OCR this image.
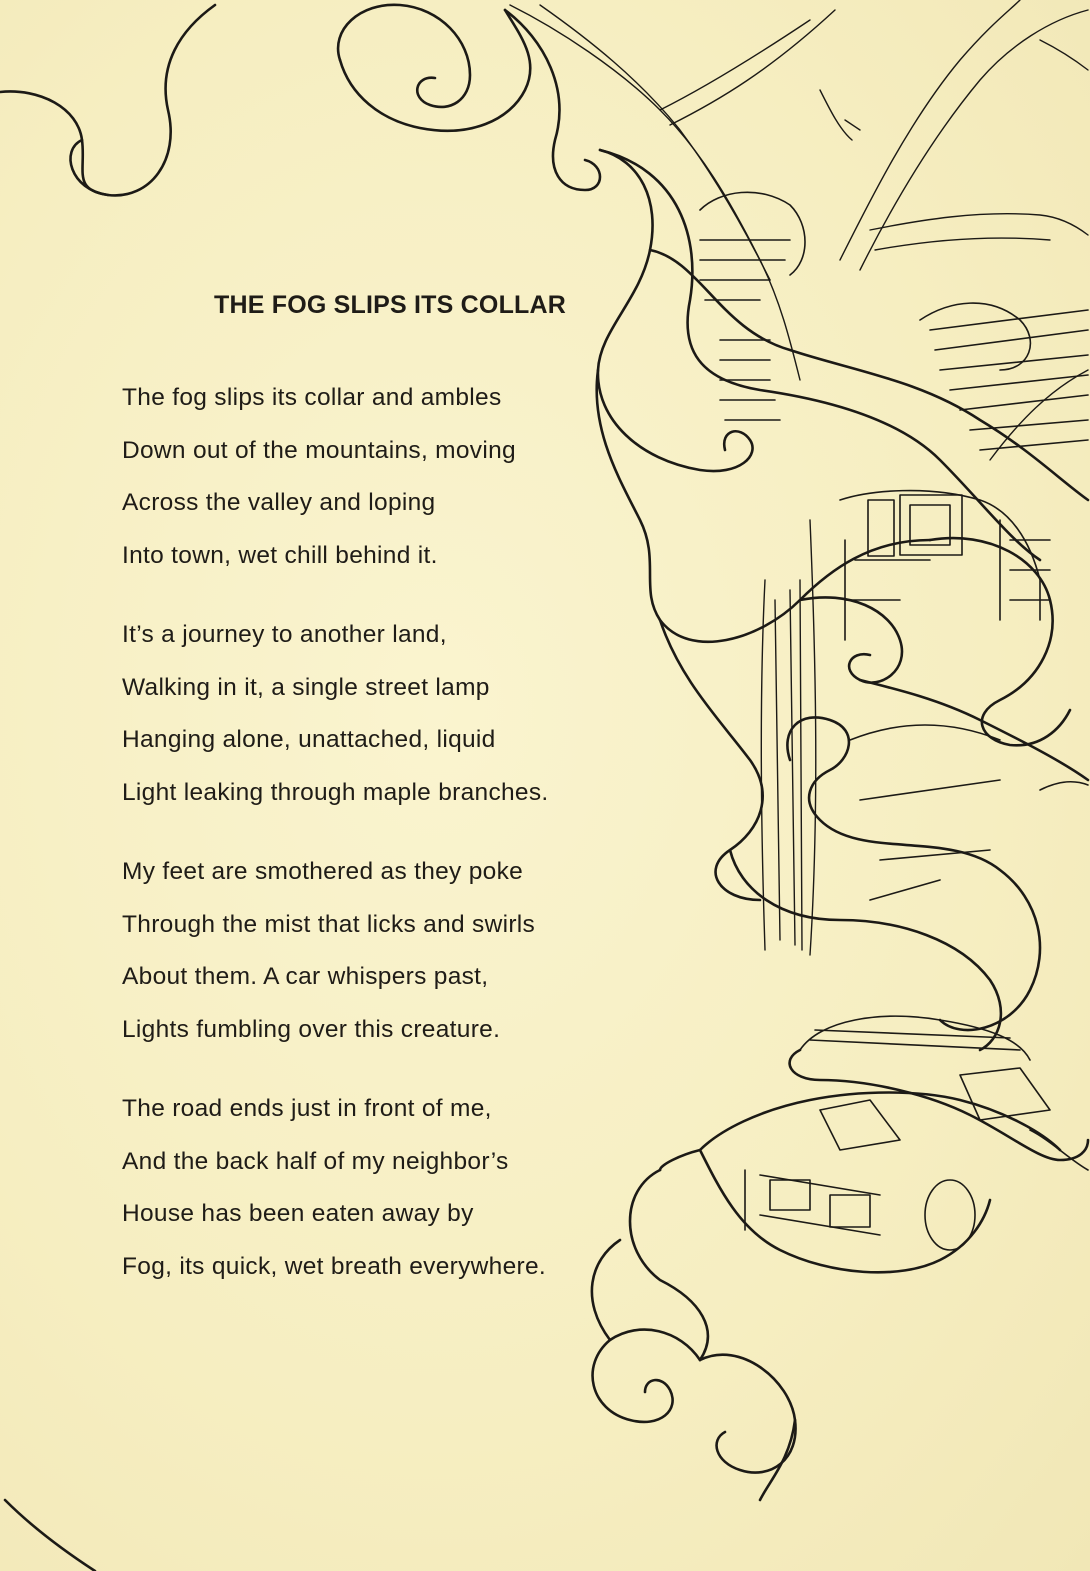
THE FOG SLIPS ITS COLLAR
The fog slips its collar and ambles
Down out of the mountains, moving
Across the valley and loping
Into town, wet chill behind it.
It’s a journey to another land,
Walking in it, a single street lamp
Hanging alone, unattached, liquid
Light leaking through maple branches.
My feet are smothered as they poke
Through the mist that licks and swirls
About them. A car whispers past,
Lights fumbling over this creature.
The road ends just in front of me,
And the back half of my neighbor’s
House has been eaten away by
Fog, its quick, wet breath everywhere.
